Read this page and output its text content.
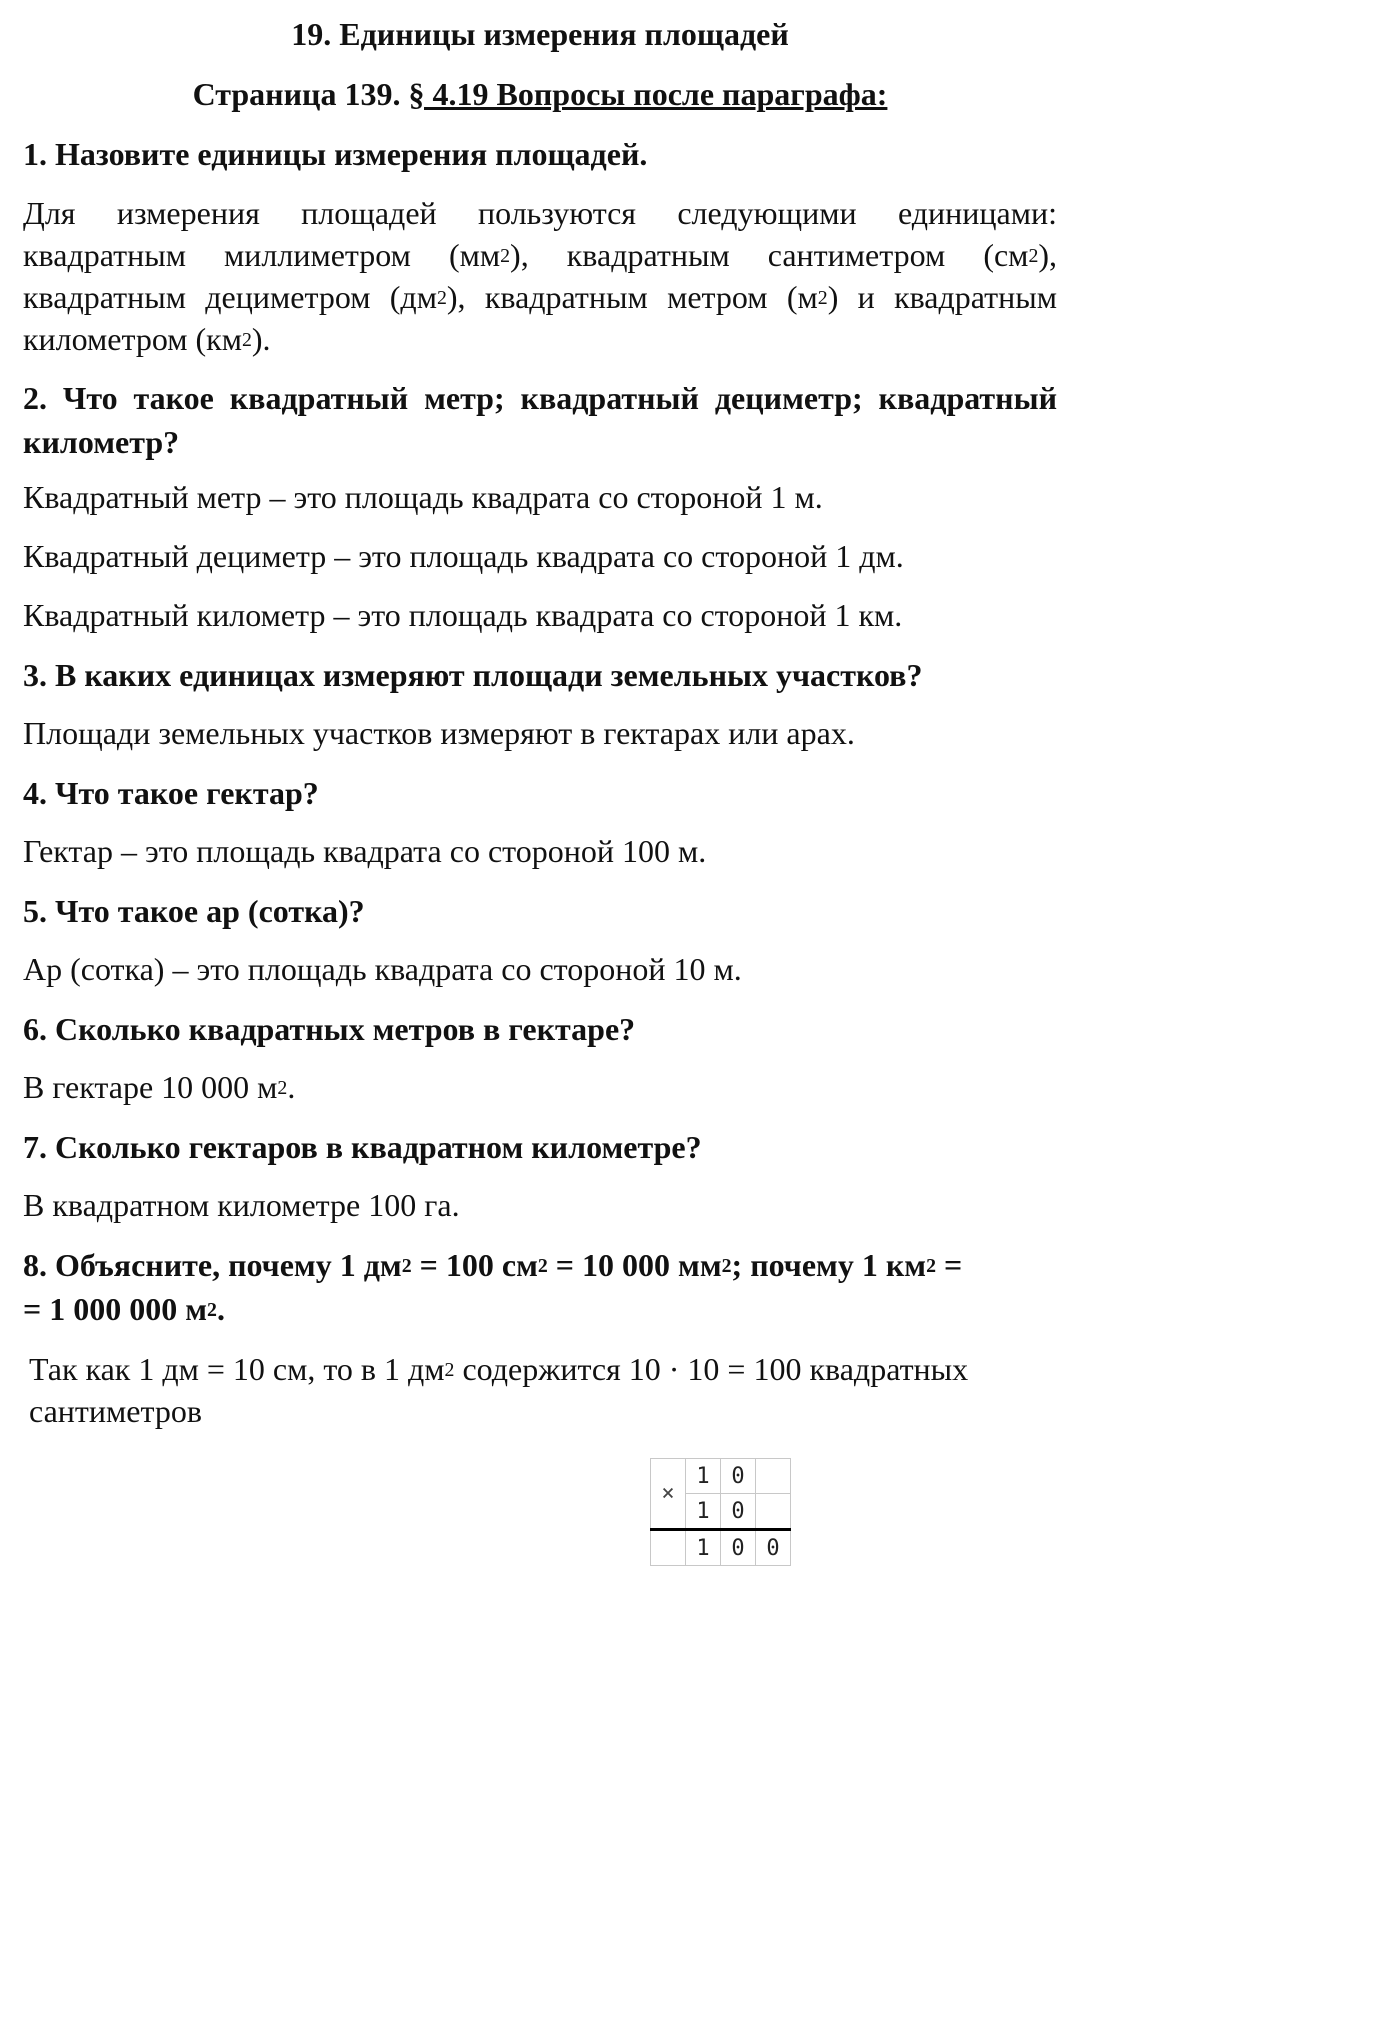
19. Единицы измерения площадей
Страница 139. § 4.19 Вопросы после параграфа:
1. Назовите единицы измерения площадей.
Для измерения площадей пользуются следующими единицами: квадратным миллиметром $(мм^2)$, квадратным сантиметром $(см^2)$, квадратным дециметром $(дм^2)$, квадратным метром $(м^2)$ и квадратным километром $(км^2)$.
2. Что такое квадратный метр; квадратный дециметр; квадратный километр?
Квадратный метр – это площадь квадрата со стороной 1 м.
Квадратный дециметр – это площадь квадрата со стороной 1 дм.
Квадратный километр – это площадь квадрата со стороной 1 км.
3. В каких единицах измеряют площади земельных участков?
Площади земельных участков измеряют в гектарах или арах.
4. Что такое гектар?
Гектар – это площадь квадрата со стороной 100 м.
5. Что такое ар (сотка)?
Ар (сотка) – это площадь квадрата со стороной 10 м.
6. Сколько квадратных метров в гектаре?
В гектаре 10 000 $м^2$.
7. Сколько гектаров в квадратном километре?
В квадратном километре 100 га.
8. Объясните, почему 1 $дм^2 = 100$ $см^2 = 10$ 000 $мм^2$; почему 1 $км^2$ =
= 1 000 000 $м^2$.
Так как 1 дм = 10 см, то в 1 $дм^2$ содержится 10 · 10 = 100 квадратных
сантиметров
×	1	0	
	1	0	
	1	0	0
